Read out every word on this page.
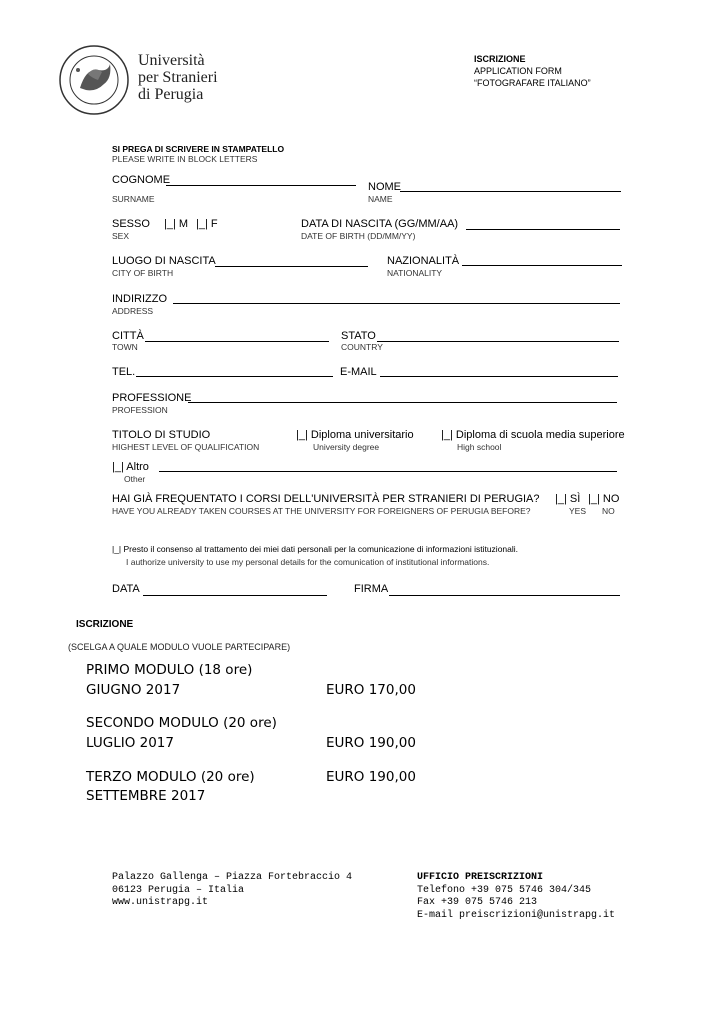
Università
per Stranieri
di Perugia
ISCRIZIONE
APPLICATION FORM
“FOTOGRAFARE ITALIANO”
SI PREGA DI SCRIVERE IN STAMPATELLO
PLEASE WRITE IN BLOCK LETTERS
COGNOME
SURNAME
NOME
NAME
SESSO |_| M |_| F
SEX
DATA DI NASCITA (GG/MM/AA)
DATE OF BIRTH (DD/MM/YY)
LUOGO DI NASCITA
CITY OF BIRTH
NAZIONALITÀ
NATIONALITY
INDIRIZZO
ADDRESS
CITTÀ
TOWN
STATO
COUNTRY
TEL.	E-MAIL
PROFESSIONE
PROFESSION
TITOLO DI STUDIO
HIGHEST LEVEL OF QUALIFICATION
|_| Diploma universitario
University degree
|_| Diploma di scuola media superiore
High school
|_| Altro
Other
HAI GIÀ FREQUENTATO I CORSI DELL'UNIVERSITÀ PER STRANIERI DI PERUGIA?
HAVE YOU ALREADY TAKEN COURSES AT THE UNIVERSITY FOR FOREIGNERS OF PERUGIA BEFORE?
|_| SÌ |_| NO
YES NO
|_| Presto il consenso al trattamento dei miei dati personali per la comunicazione di informazioni istituzionali.
I authorize university to use my personal details for the comunication of institutional informations.
DATA	FIRMA
ISCRIZIONE
(SCELGA A QUALE MODULO VUOLE PARTECIPARE)
PRIMO MODULO (18 ore)
GIUGNO 2017	EURO 170,00
SECONDO MODULO (20 ore)
LUGLIO 2017	EURO 190,00
TERZO MODULO (20 ore)	EURO 190,00
SETTEMBRE 2017
Palazzo Gallenga – Piazza Fortebraccio 4
06123 Perugia – Italia
www.unistrapg.it
UFFICIO PREISCRIZIONI
Telefono +39 075 5746 304/345
Fax +39 075 5746 213
E-mail preiscrizioni@unistrapg.it
